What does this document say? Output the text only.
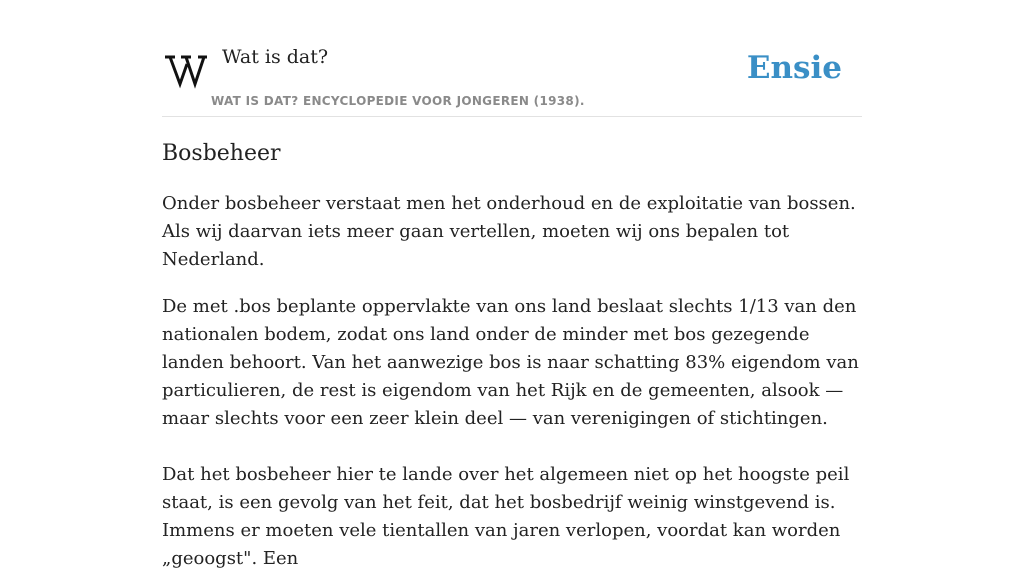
Wat is dat?
WAT IS DAT? ENCYCLOPEDIE VOOR JONGEREN (1938).
Ensie
Bosbeheer

Onder bosbeheer verstaat men het onderhoud en de exploitatie van bossen. Als wij daarvan iets meer gaan vertellen, moeten wij ons bepalen tot Nederland.

De met .bos beplante oppervlakte van ons land beslaat slechts 1/13 van den nationalen bodem, zodat ons land onder de minder met bos gezegende landen behoort. Van het aanwezige bos is naar schatting 83% eigendom van particulieren, de rest is eigendom van het Rijk en de gemeenten, alsook — maar slechts voor een zeer klein deel — van verenigingen of stichtingen.

Dat het bosbeheer hier te lande over het algemeen niet op het hoogste peil staat, is een gevolg van het feit, dat het bosbedrijf weinig winstgevend is. Immens er moeten vele tientallen van jaren verlopen, voordat kan worden „geoogst". Een
